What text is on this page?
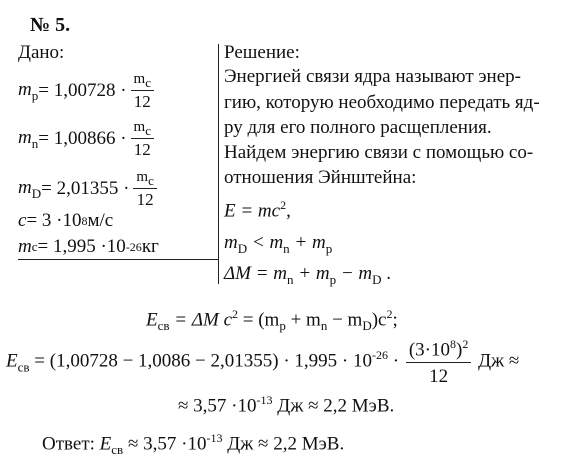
№ 5.
Дано:	Решение:
$m_p = 1,00728 \cdot \frac{mc}{12}$
$m_n = 1,00866 \cdot \frac{mc}{12}$
$m_D = 2,01355 \cdot \frac{mc}{12}$
c = 3 ·10 8 м/с
m c = 1,995 ·10 -26 кг
Энергией связи ядра называют энер-
гию, которую необходимо передать яд-
ру для его полного расщепления.
Найдем энергию связи с помощью со-
отношения Эйнштейна:
$E = mc^2$,
$m_D < m_n + m_p$
$\Delta M = m_n + m_p - m_D$ .
$E_{св} = \Delta M$ $c^2 = (m_p + m_n - m_D)c^2$;
$E_{св} = (1,00728 - 1,0086 - 2,01355) \cdot 1,995 \cdot 10^{-26} \cdot \frac{(3\cdot 10^8)^2}{12}$ Дж ≈
≈ $3,57 \cdot 10^{-13}$ Дж ≈ 2,2 МэВ.
Ответ: $E_{св} \approx 3,57 \cdot 10^{-13}$ Дж ≈ 2,2 МэВ.
